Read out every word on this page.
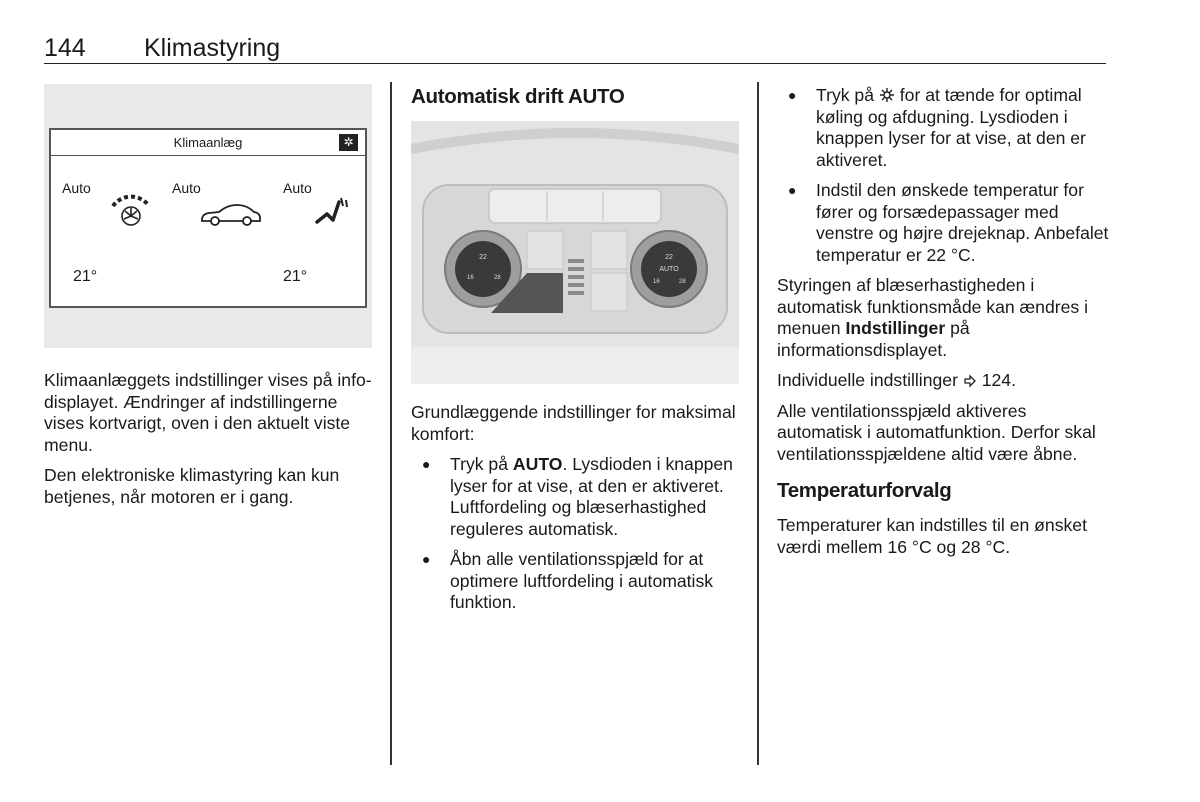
144 Klimastyring
Klimaanlæg	✲
Auto	Auto	Auto
21°	21°

Klimaanlæggets indstillinger vises på info-displayet. Ændringer af indstillingerne vises kortvarigt, oven i den aktuelt viste menu.

Den elektroniske klimastyring kan kun betjenes, når motoren er i gang.

Automatisk drift AUTO
22
16	28
22
AUTO
16	28

Grundlæggende indstillinger for maksimal komfort:

● Tryk på AUTO. Lysdioden i knappen lyser for at vise, at den er aktiveret. Luftfordeling og blæserhastighed reguleres automatisk.
● Åbn alle ventilationsspjæld for at optimere luftfordeling i automatisk funktion.
● Tryk på  for at tænde for optimal køling og afdugning. Lysdioden i knappen lyser for at vise, at den er aktiveret.
● Indstil den ønskede temperatur for fører og forsædepassager med venstre og højre drejeknap. Anbefalet temperatur er 22 °C.

Styringen af blæserhastigheden i automatisk funktionsmåde kan ændres i menuen Indstillinger på informationsdisplayet.

Individuelle indstillinger  124.

Alle ventilationsspjæld aktiveres automatisk i automatfunktion. Derfor skal ventilationsspjældene altid være åbne.

Temperaturforvalg

Temperaturer kan indstilles til en ønsket værdi mellem 16 °C og 28 °C.
